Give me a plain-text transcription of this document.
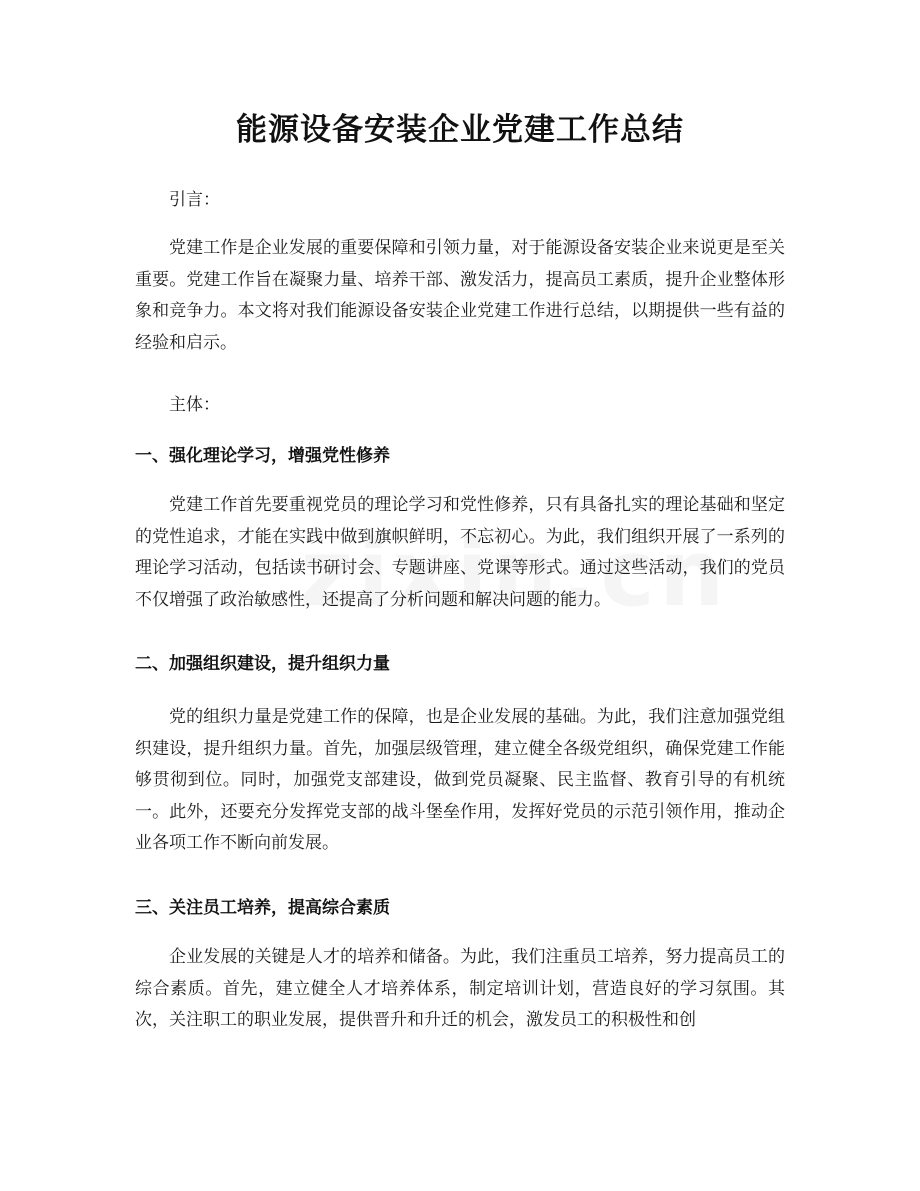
能源设备安装企业党建工作总结

引言：

党建工作是企业发展的重要保障和引领力量，对于能源设备安装企业来说更是至关重要。党建工作旨在凝聚力量、培养干部、激发活力，提高员工素质，提升企业整体形象和竞争力。本文将对我们能源设备安装企业党建工作进行总结，以期提供一些有益的经验和启示。

主体：

一、强化理论学习，增强党性修养

党建工作首先要重视党员的理论学习和党性修养，只有具备扎实的理论基础和坚定的党性追求，才能在实践中做到旗帜鲜明，不忘初心。为此，我们组织开展了一系列的理论学习活动，包括读书研讨会、专题讲座、党课等形式。通过这些活动，我们的党员不仅增强了政治敏感性，还提高了分析问题和解决问题的能力。

二、加强组织建设，提升组织力量

党的组织力量是党建工作的保障，也是企业发展的基础。为此，我们注意加强党组织建设，提升组织力量。首先，加强层级管理，建立健全各级党组织，确保党建工作能够贯彻到位。同时，加强党支部建设，做到党员凝聚、民主监督、教育引导的有机统一。此外，还要充分发挥党支部的战斗堡垒作用，发挥好党员的示范引领作用，推动企业各项工作不断向前发展。

三、关注员工培养，提高综合素质

企业发展的关键是人才的培养和储备。为此，我们注重员工培养，努力提高员工的综合素质。首先，建立健全人才培养体系，制定培训计划，营造良好的学习氛围。其次，关注职工的职业发展，提供晋升和升迁的机会，激发员工的积极性和创
